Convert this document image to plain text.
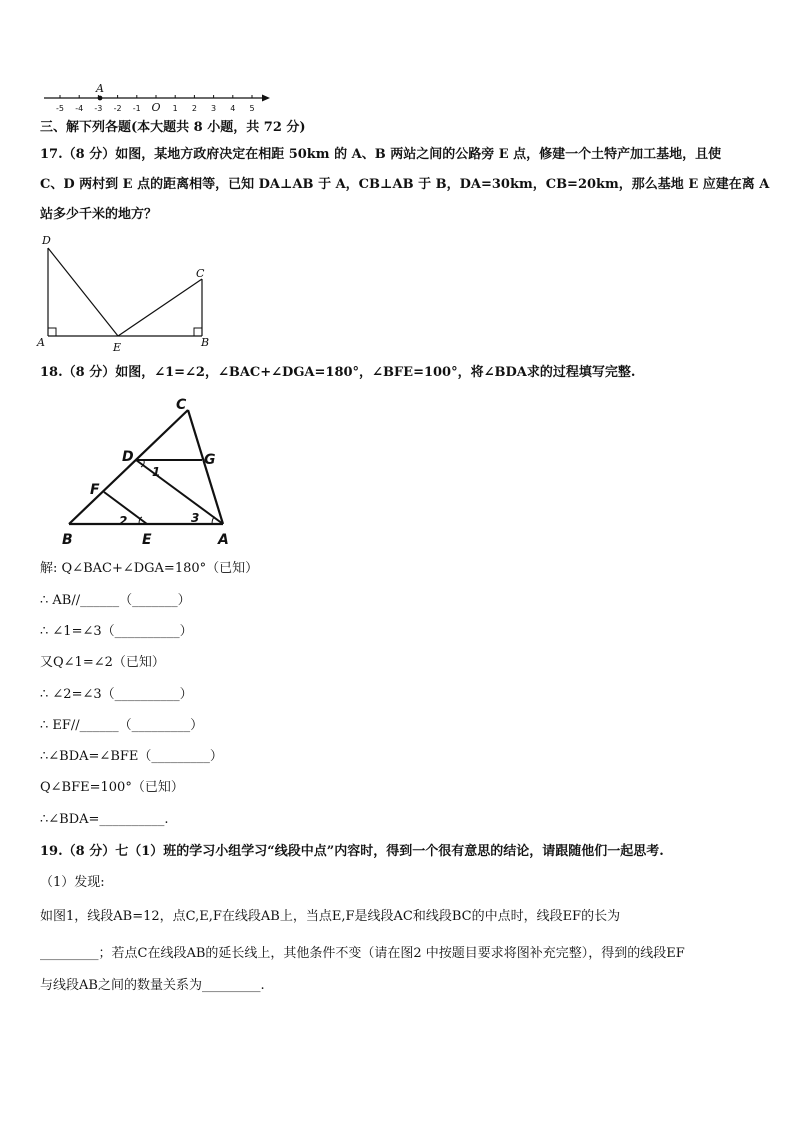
A
-5 -4 -3 -2 -1 O 1 2 3 4 5
三、解下列各题(本大题共 8 小题，共 72 分)
17.（8 分）如图，某地方政府决定在相距 50km 的 A、B 两站之间的公路旁 E 点，修建一个土特产加工基地，且使
C、D 两村到 E 点的距离相等，已知 DA⊥AB 于 A，CB⊥AB 于 B，DA=30km，CB=20km，那么基地 E 应建在离 A
站多少千米的地方？
D
C
A	E	B
18.（8 分）如图，∠1=∠2，∠BAC+∠DGA=180°，∠BFE=100°，将∠BDA求的过程填写完整.
C
D	G
F
B	E	A
1
2	3
解: Q∠BAC+∠DGA=180°（已知）
∴ AB//______（_______）
∴ ∠1=∠3（__________）
又Q∠1=∠2（已知）
∴ ∠2=∠3（__________）
∴ EF//______（_________）
∴∠BDA=∠BFE（_________）
Q∠BFE=100°（已知）
∴∠BDA=__________.
19.（8 分）七（1）班的学习小组学习“线段中点”内容时，得到一个很有意思的结论，请跟随他们一起思考.
（1）发现:
如图1，线段AB=12，点C,E,F在线段AB上，当点E,F是线段AC和线段BC的中点时，线段EF的长为
_________；若点C在线段AB的延长线上，其他条件不变（请在图2 中按题目要求将图补充完整），得到的线段EF
与线段AB之间的数量关系为_________.
